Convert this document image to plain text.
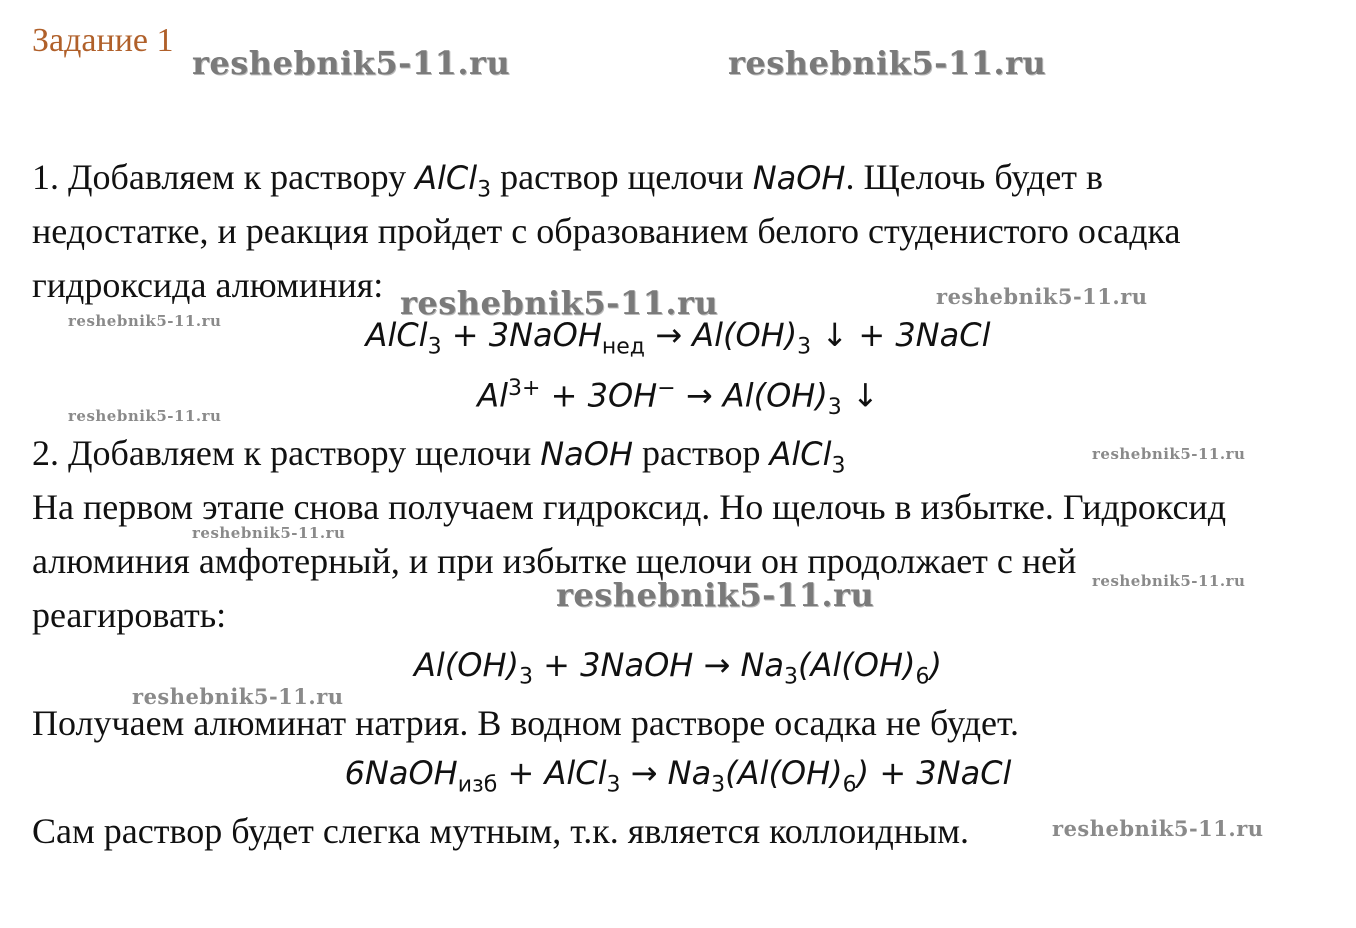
Задание 1
reshebnik5-11.ru	reshebnik5-11.ru
reshebnik5-11.ru	reshebnik5-11.ru
reshebnik5-11.ru
reshebnik5-11.ru
reshebnik5-11.ru
reshebnik5-11.ru
reshebnik5-11.ru
reshebnik5-11.ru
reshebnik5-11.ru
reshebnik5-11.ru
1. Добавляем к раствору AlCl$_3$ раствор щелочи NaOH. Щелочь будет в
недостатке, и реакция пройдет с образованием белого студенистого осадка
гидроксида алюминия:
AlCl$_3$ + 3NaOH$_{нед}$ → $Al(OH)_3$ ↓ + 3NaCl
$Al^{3+} + 3OH^- \to Al(OH)_3$ ↓
2. Добавляем к раствору щелочи NaOH раствор AlCl$_3$
На первом этапе снова получаем гидроксид. Но щелочь в избытке. Гидроксид
алюминия амфотерный, и при избытке щелочи он продолжает с ней
реагировать:
$Al(OH)_3$ + 3NaOH → $Na_3(Al(OH)_6)$
Получаем алюминат натрия. В водном растворе осадка не будет.
6NaOH$_{изб}$ + AlCl$_3$ → $Na_3(Al(OH)_6)$ + 3NaCl
Сам раствор будет слегка мутным, т.к. является коллоидным.
